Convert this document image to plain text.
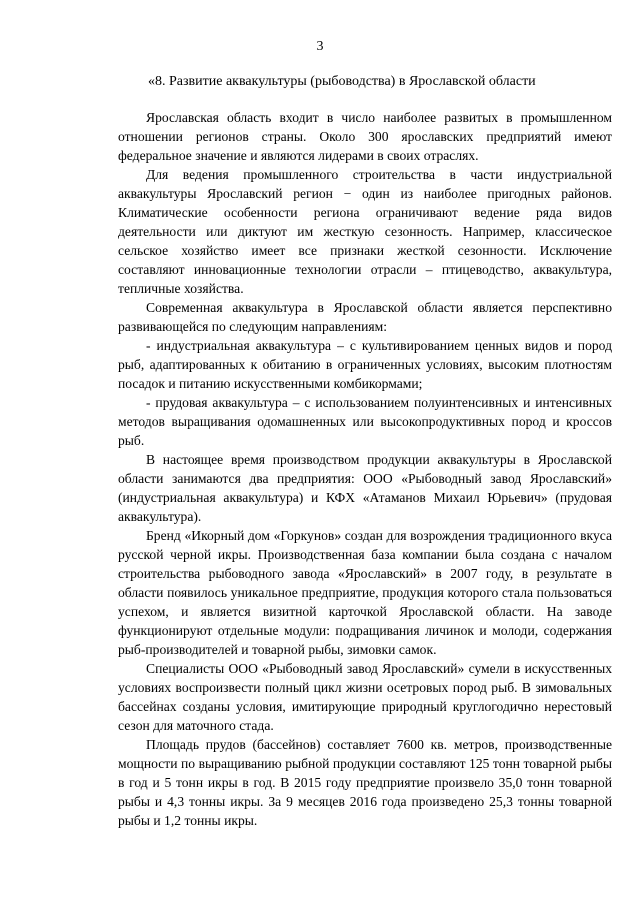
3
«8. Развитие аквакультуры (рыбоводства) в Ярославской области

Ярославская область входит в число наиболее развитых в промышленном отношении регионов страны. Около 300 ярославских предприятий имеют федеральное значение и являются лидерами в своих отраслях.

Для ведения промышленного строительства в части индустриальной аквакультуры Ярославский регион − один из наиболее пригодных районов. Климатические особенности региона ограничивают ведение ряда видов деятельности или диктуют им жесткую сезонность. Например, классическое сельское хозяйство имеет все признаки жесткой сезонности. Исключение составляют инновационные технологии отрасли – птицеводство, аквакультура, тепличные хозяйства.

Современная аквакультура в Ярославской области является перспективно развивающейся по следующим направлениям:

- индустриальная аквакультура – с культивированием ценных видов и пород рыб, адаптированных к обитанию в ограниченных условиях, высоким плотностям посадок и питанию искусственными комбикормами;

- прудовая аквакультура – с использованием полуинтенсивных и интенсивных методов выращивания одомашненных или высокопродуктивных пород и кроссов рыб.

В настоящее время производством продукции аквакультуры в Ярославской области занимаются два предприятия: ООО «Рыбоводный завод Ярославский» (индустриальная аквакультура) и КФХ «Атаманов Михаил Юрьевич» (прудовая аквакультура).

Бренд «Икорный дом «Горкунов» создан для возрождения традиционного вкуса русской черной икры. Производственная база компании была создана с началом строительства рыбоводного завода «Ярославский» в 2007 году, в результате в области появилось уникальное предприятие, продукция которого стала пользоваться успехом, и является визитной карточкой Ярославской области. На заводе функционируют отдельные модули: подращивания личинок и молоди, содержания рыб-производителей и товарной рыбы, зимовки самок.

Специалисты ООО «Рыбоводный завод Ярославский» сумели в искусственных условиях воспроизвести полный цикл жизни осетровых пород рыб. В зимовальных бассейнах созданы условия, имитирующие природный круглогодично нерестовый сезон для маточного стада.

Площадь прудов (бассейнов) составляет 7600 кв. метров, производственные мощности по выращиванию рыбной продукции составляют 125 тонн товарной рыбы в год и 5 тонн икры в год. В 2015 году предприятие произвело 35,0 тонн товарной рыбы и 4,3 тонны икры. За 9 месяцев 2016 года произведено 25,3 тонны товарной рыбы и 1,2 тонны икры.
